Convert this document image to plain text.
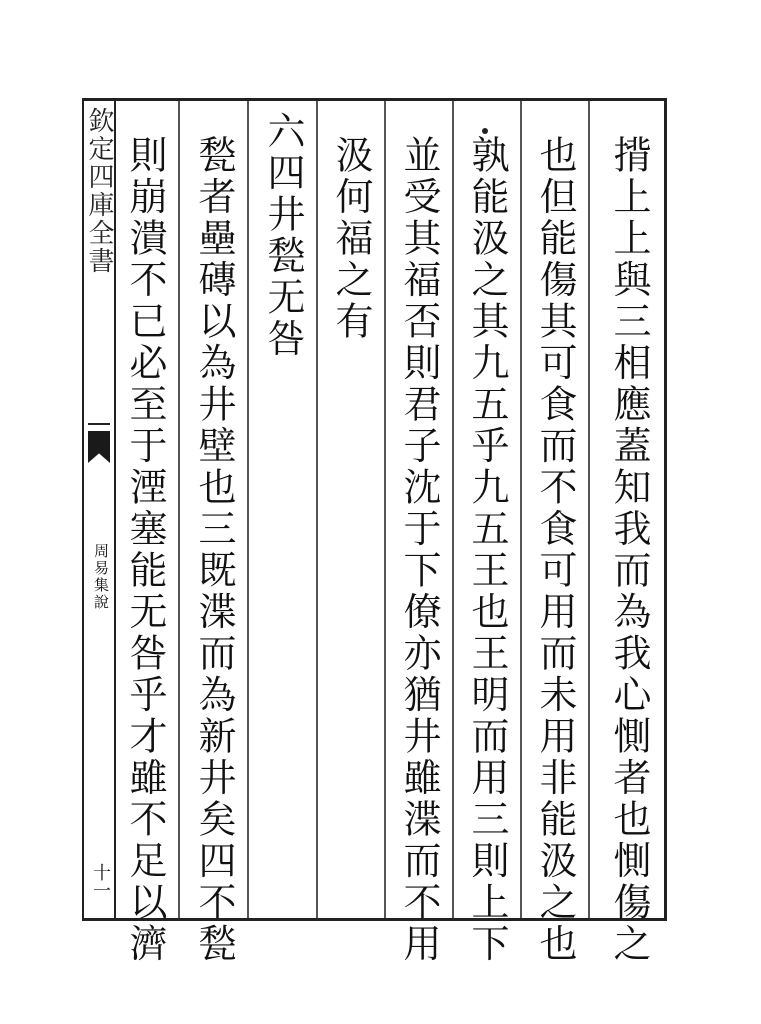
欽定四庫全書
周易集說
十一	揹上上與三相應蓋知我而為我心惻者也惻傷之
也但能傷其可食而不食可用而未用非能汲之也
孰能汲之其九五乎九五王也王明而用三則上下
並受其福否則君子沈于下僚亦猶井雖渫而不用
汲何福之有
六四井甃无咎
甃者壘磚以為井壁也三既渫而為新井矣四不甃
則崩潰不已必至于湮塞能无咎乎才雖不足以濟
